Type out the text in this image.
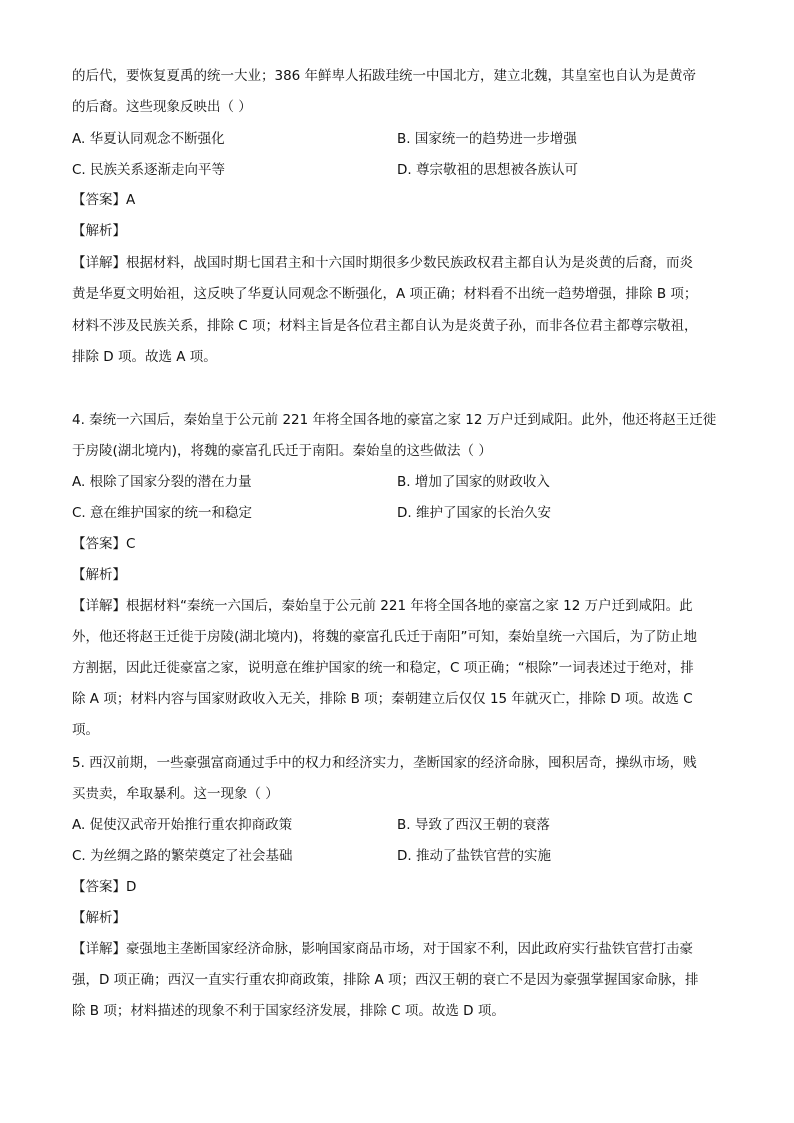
的后代，要恢复夏禹的统一大业；386 年鲜卑人拓跋珪统一中国北方，建立北魏，其皇室也自认为是黄帝
的后裔。这些现象反映出（ ）
A. 华夏认同观念不断强化	B. 国家统一的趋势进一步增强
C. 民族关系逐渐走向平等	D. 尊宗敬祖的思想被各族认可
【答案】A
【解析】
【详解】根据材料，战国时期七国君主和十六国时期很多少数民族政权君主都自认为是炎黄的后裔，而炎
黄是华夏文明始祖，这反映了华夏认同观念不断强化，A 项正确；材料看不出统一趋势增强，排除 B 项；
材料不涉及民族关系，排除 C 项；材料主旨是各位君主都自认为是炎黄子孙，而非各位君主都尊宗敬祖，
排除 D 项。故选 A 项。
4. 秦统一六国后，秦始皇于公元前 221 年将全国各地的豪富之家 12 万户迁到咸阳。此外，他还将赵王迁徙
于房陵(湖北境内)，将魏的豪富孔氏迁于南阳。秦始皇的这些做法（ ）
A. 根除了国家分裂的潜在力量	B. 增加了国家的财政收入
C. 意在维护国家的统一和稳定	D. 维护了国家的长治久安
【答案】C
【解析】
【详解】根据材料“秦统一六国后，秦始皇于公元前 221 年将全国各地的豪富之家 12 万户迁到咸阳。此
外，他还将赵王迁徙于房陵(湖北境内)，将魏的豪富孔氏迁于南阳”可知，秦始皇统一六国后，为了防止地
方割据，因此迁徙豪富之家，说明意在维护国家的统一和稳定，C 项正确；“根除”一词表述过于绝对，排
除 A 项；材料内容与国家财政收入无关，排除 B 项；秦朝建立后仅仅 15 年就灭亡，排除 D 项。故选 C
项。
5. 西汉前期，一些豪强富商通过手中的权力和经济实力，垄断国家的经济命脉，囤积居奇，操纵市场，贱
买贵卖，牟取暴利。这一现象（ ）
A. 促使汉武帝开始推行重农抑商政策	B. 导致了西汉王朝的衰落
C. 为丝绸之路的繁荣奠定了社会基础	D. 推动了盐铁官营的实施
【答案】D
【解析】
【详解】豪强地主垄断国家经济命脉，影响国家商品市场，对于国家不利，因此政府实行盐铁官营打击豪
强，D 项正确；西汉一直实行重农抑商政策，排除 A 项；西汉王朝的衰亡不是因为豪强掌握国家命脉，排
除 B 项；材料描述的现象不利于国家经济发展，排除 C 项。故选 D 项。
